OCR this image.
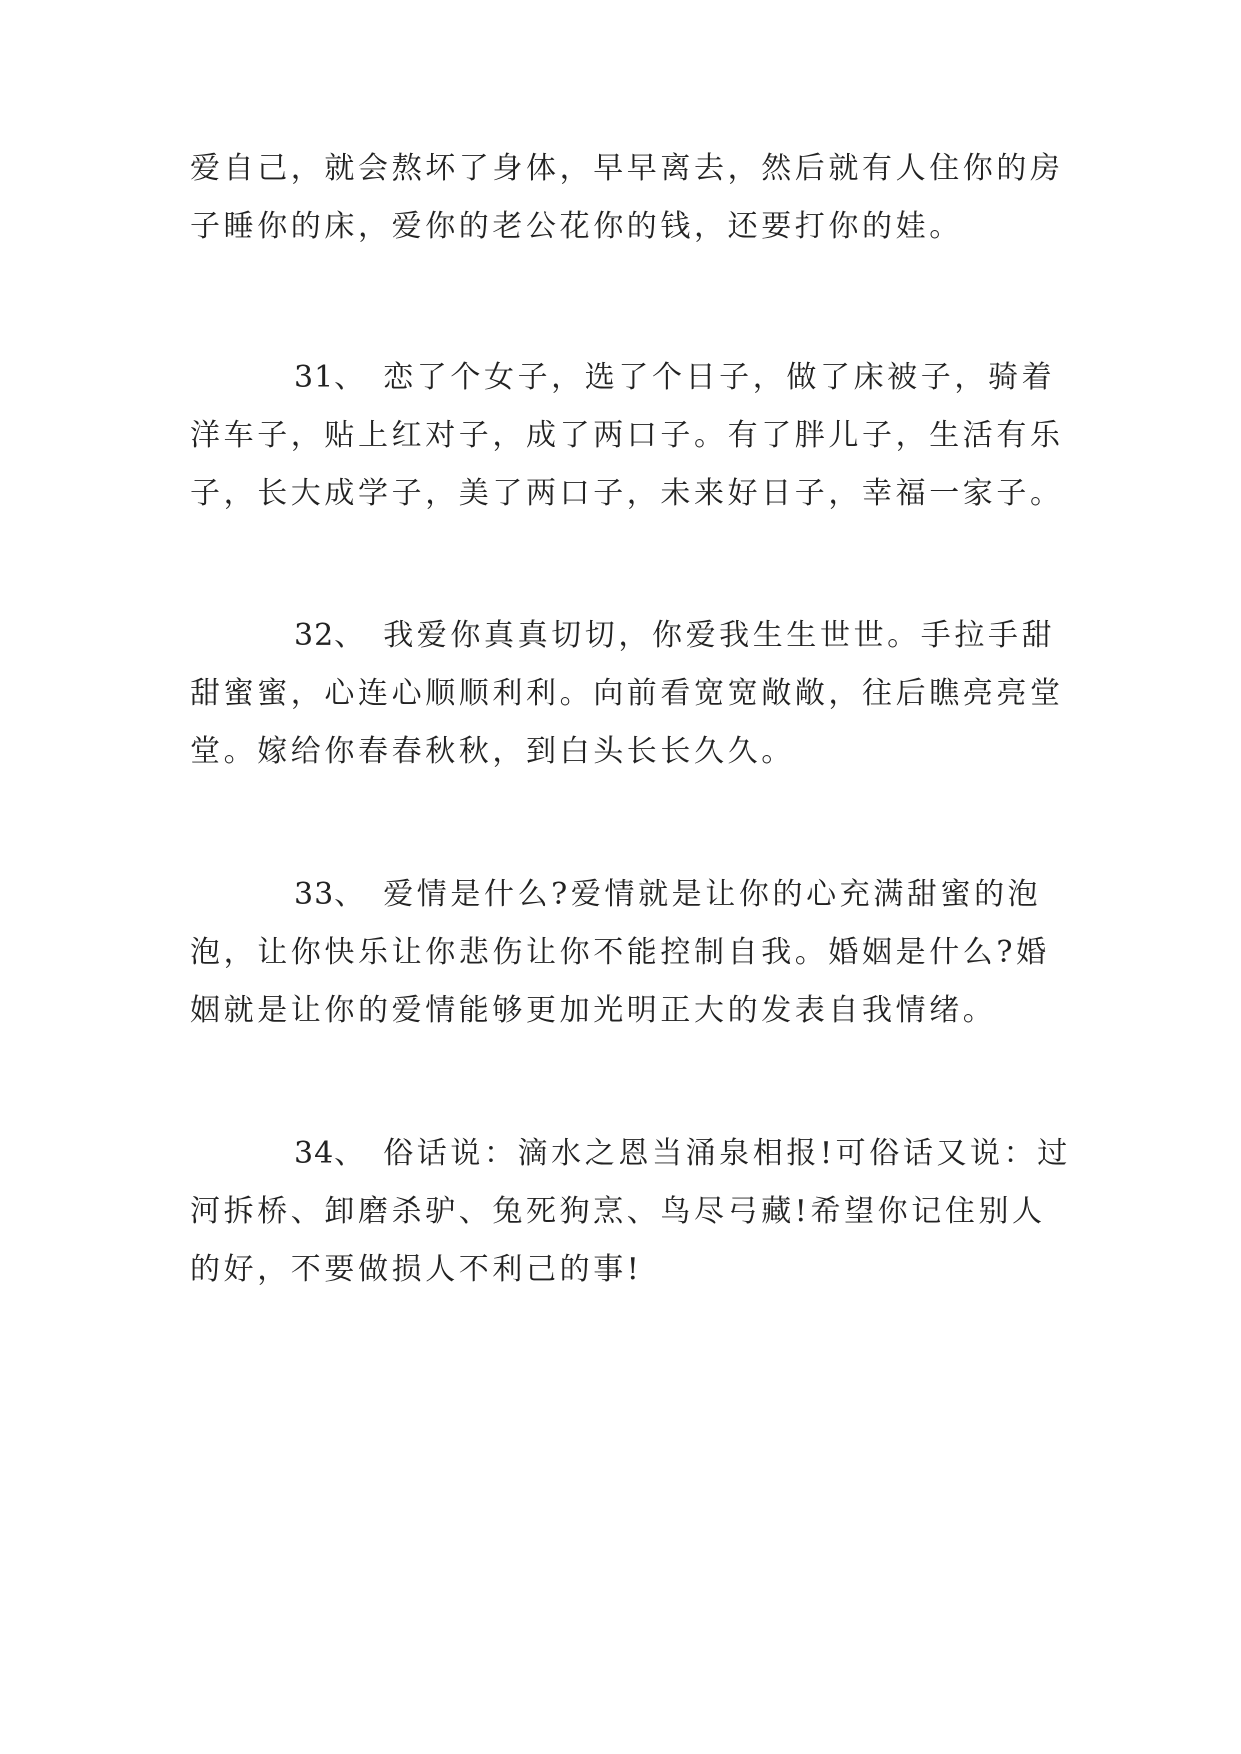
爱自己，就会熬坏了身体，早早离去，然后就有人住你的房
子睡你的床，爱你的老公花你的钱，还要打你的娃。

31、 恋了个女子，选了个日子，做了床被子，骑着
洋车子，贴上红对子，成了两口子。有了胖儿子，生活有乐
子，长大成学子，美了两口子，未来好日子，幸福一家子。

32、 我爱你真真切切，你爱我生生世世。手拉手甜
甜蜜蜜，心连心顺顺利利。向前看宽宽敞敞，往后瞧亮亮堂
堂。嫁给你春春秋秋，到白头长长久久。

33、 爱情是什么?爱情就是让你的心充满甜蜜的泡
泡，让你快乐让你悲伤让你不能控制自我。婚姻是什么?婚
姻就是让你的爱情能够更加光明正大的发表自我情绪。

34、 俗话说：滴水之恩当涌泉相报!可俗话又说：过
河拆桥、卸磨杀驴、兔死狗烹、鸟尽弓藏!希望你记住别人
的好，不要做损人不利己的事!
